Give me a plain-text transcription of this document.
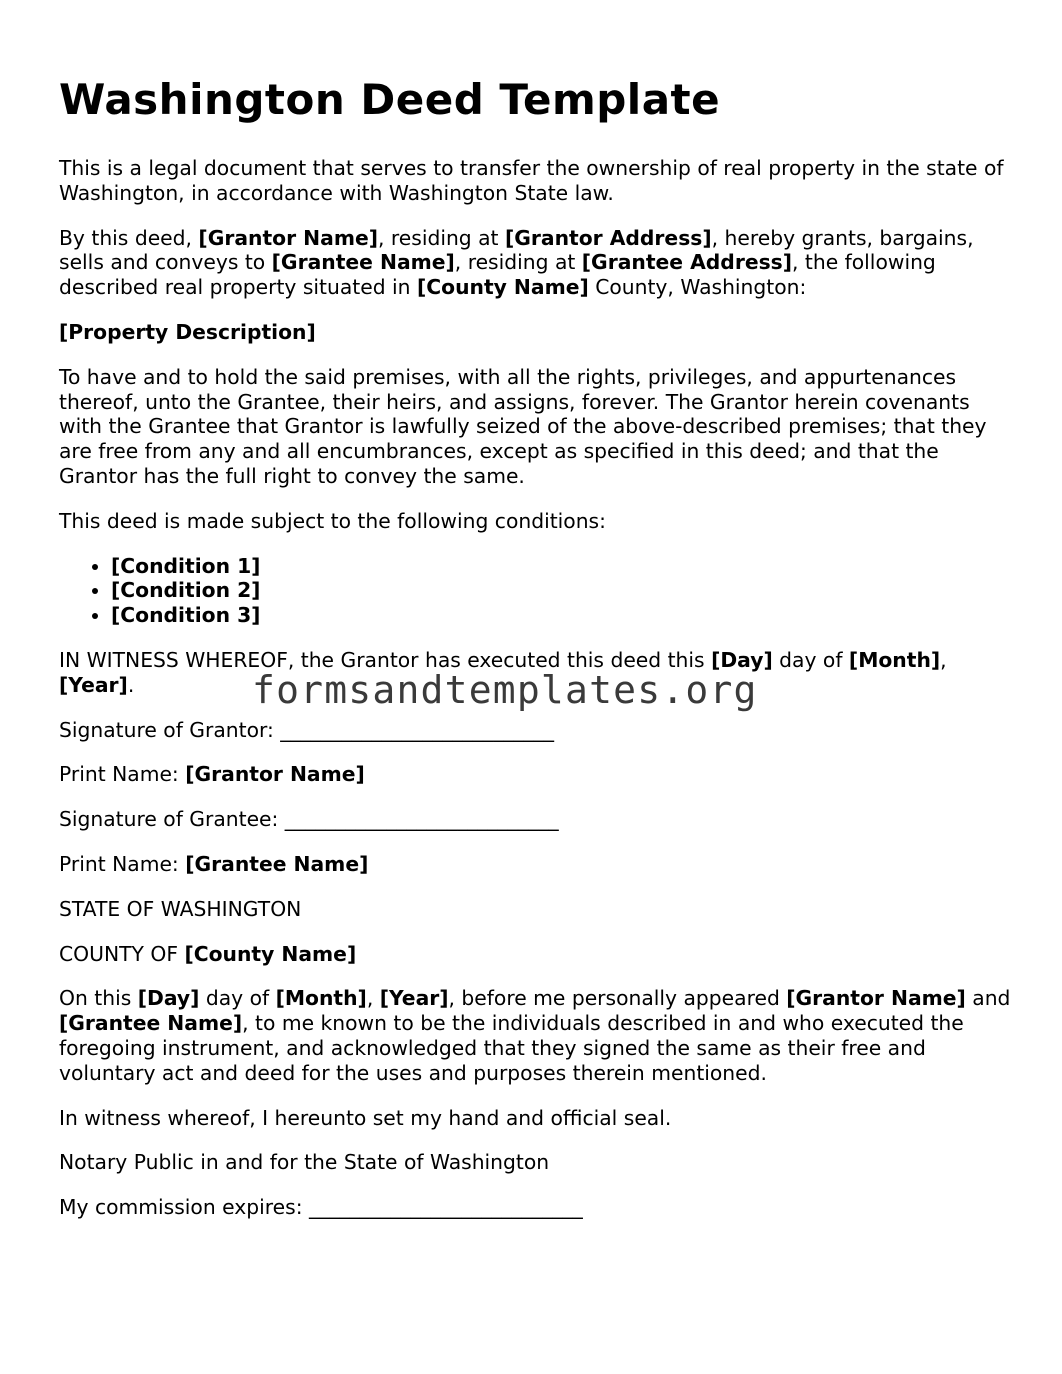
Washington Deed Template

This is a legal document that serves to transfer the ownership of real property in the state of Washington, in accordance with Washington State law.

By this deed, [Grantor Name], residing at [Grantor Address], hereby grants, bargains, sells and conveys to [Grantee Name], residing at [Grantee Address], the following described real property situated in [County Name] County, Washington:

[Property Description]

To have and to hold the said premises, with all the rights, privileges, and appurtenances thereof, unto the Grantee, their heirs, and assigns, forever. The Grantor herein covenants with the Grantee that Grantor is lawfully seized of the above-described premises; that they are free from any and all encumbrances, except as specified in this deed; and that the Grantor has the full right to convey the same.

This deed is made subject to the following conditions:

• [Condition 1]
• [Condition 2]
• [Condition 3]

IN WITNESS WHEREOF, the Grantor has executed this deed this [Day] day of [Month], [Year].

Signature of Grantor: ___________________________

Print Name: [Grantor Name]

Signature of Grantee: ___________________________

Print Name: [Grantee Name]

STATE OF WASHINGTON

COUNTY OF [County Name]

On this [Day] day of [Month], [Year], before me personally appeared [Grantor Name] and [Grantee Name], to me known to be the individuals described in and who executed the foregoing instrument, and acknowledged that they signed the same as their free and voluntary act and deed for the uses and purposes therein mentioned.

In witness whereof, I hereunto set my hand and official seal.

Notary Public in and for the State of Washington

My commission expires: ___________________________

formsandtemplates.org
